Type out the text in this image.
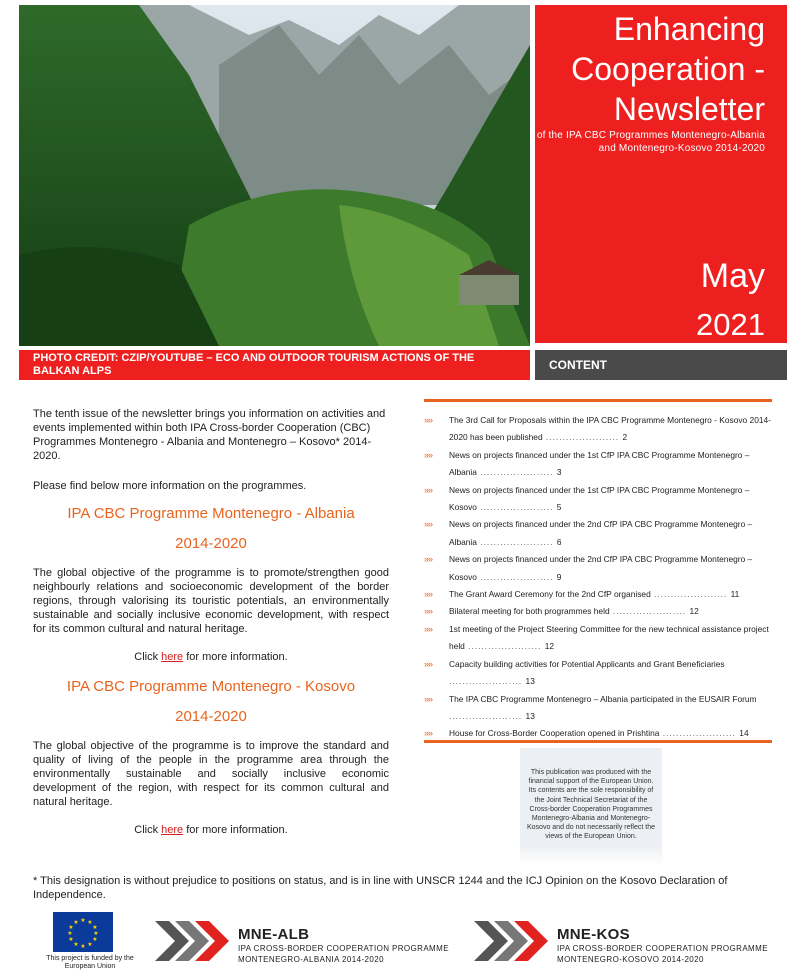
Enhancing Cooperation - Newsletter
of the IPA CBC Programmes Montenegro-Albania and Montenegro-Kosovo 2014-2020
May
2021
PHOTO CREDIT: CZIP/YOUTUBE – ECO AND OUTDOOR TOURISM ACTIONS OF THE BALKAN ALPS	CONTENT
The tenth issue of the newsletter brings you information on activities and events implemented within both IPA Cross-border Cooperation (CBC) Programmes Montenegro - Albania and Montenegro – Kosovo* 2014-2020.
Please find below more information on the programmes.
IPA CBC Programme Montenegro - Albania
2014-2020
The global objective of the programme is to promote/strengthen good neighbourly relations and socioeconomic development of the border regions, through valorising its touristic potentials, an environmentally sustainable and socially inclusive economic development, with respect for its common cultural and natural heritage.
Click here for more information.
IPA CBC Programme Montenegro - Kosovo
2014-2020
The global objective of the programme is to improve the standard and quality of living of the people in the programme area through the environmentally sustainable and socially inclusive economic development of the region, with respect for its common cultural and natural heritage.
Click here for more information.
»»	The 3rd Call for Proposals within the IPA CBC Programme Montenegro - Kosovo 2014-2020 has been published ...................... 2
»»	News on projects financed under the 1st CfP IPA CBC Programme Montenegro – Albania ...................... 3
»»	News on projects financed under the 1st CfP IPA CBC Programme Montenegro – Kosovo ...................... 5
»»	News on projects financed under the 2nd CfP IPA CBC Programme Montenegro – Albania ...................... 6
»»	News on projects financed under the 2nd CfP IPA CBC Programme Montenegro – Kosovo ...................... 9
»»	The Grant Award Ceremony for the 2nd CfP organised ...................... 11
»»	Bilateral meeting for both programmes held ...................... 12
»»	1st meeting of the Project Steering Committee for the new technical assistance project held ...................... 12
»»	Capacity building activities for Potential Applicants and Grant Beneficiaries ...................... 13
»»	The IPA CBC Programme Montenegro – Albania participated in the EUSAIR Forum ...................... 13
»»	House for Cross-Border Cooperation opened in Prishtina ...................... 14
This publication was produced with the financial support of the European Union. Its contents are the sole responsibility of the Joint Technical Secretariat of the Cross-border Cooperation Programmes Montenegro-Albania and Montenegro-Kosovo and do not necessarily reflect the views of the European Union.
* This designation is without prejudice to positions on status, and is in line with UNSCR 1244 and the ICJ Opinion on the Kosovo Declaration of Independence.
★ ★
★
★
★
★
★
★
★
★
★
★
This project is funded by the European Union
MNE-ALB
IPA CROSS-BORDER COOPERATION PROGRAMME
MONTENEGRO-ALBANIA 2014-2020
MNE-KOS
IPA CROSS-BORDER COOPERATION PROGRAMME
MONTENEGRO-KOSOVO 2014-2020
